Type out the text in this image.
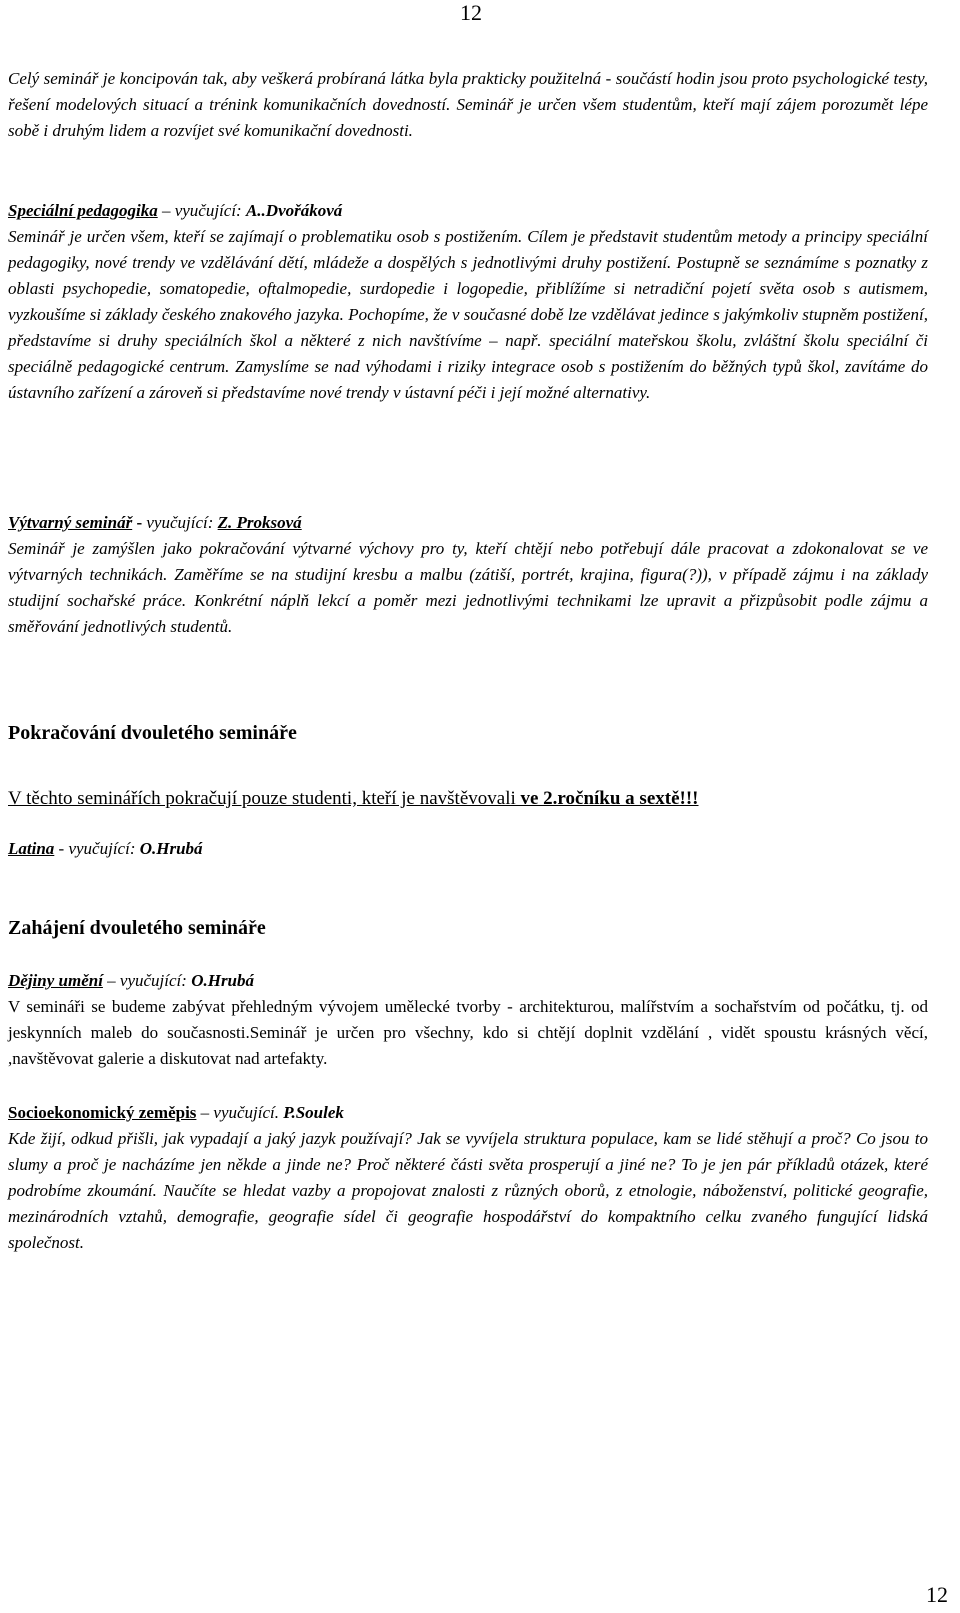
12

Celý seminář je koncipován tak, aby veškerá probíraná látka byla prakticky použitelná - součástí hodin jsou proto psychologické testy, řešení modelových situací a trénink komunikačních dovedností. Seminář je určen všem studentům, kteří mají zájem porozumět lépe sobě i druhým lidem a rozvíjet své komunikační dovednosti.

Speciální pedagogika – vyučující: A..Dvořáková

Seminář je určen všem, kteří se zajímají o problematiku osob s postižením. Cílem je představit studentům metody a principy speciální pedagogiky, nové trendy ve vzdělávání dětí, mládeže a dospělých s jednotlivými druhy postižení. Postupně se seznámíme s poznatky z oblasti psychopedie, somatopedie, oftalmopedie, surdopedie i logopedie, přiblížíme si netradiční pojetí světa osob s autismem, vyzkoušíme si základy českého znakového jazyka. Pochopíme, že v současné době lze vzdělávat jedince s jakýmkoliv stupněm postižení, představíme si druhy speciálních škol a některé z nich navštívíme – např. speciální mateřskou školu, zvláštní školu speciální či speciálně pedagogické centrum. Zamyslíme se nad výhodami i riziky integrace osob s postižením do běžných typů škol, zavítáme do ústavního zařízení a zároveň si představíme nové trendy v ústavní péči i její možné alternativy.

Výtvarný seminář - vyučující: Z. Proksová

Seminář je zamýšlen jako pokračování výtvarné výchovy pro ty, kteří chtějí nebo potřebují dále pracovat a zdokonalovat se ve výtvarných technikách. Zaměříme se na studijní kresbu a malbu (zátiší, portrét, krajina, figura(?)), v případě zájmu i na základy studijní sochařské práce. Konkrétní náplň lekcí a poměr mezi jednotlivými technikami lze upravit a přizpůsobit podle zájmu a směřování jednotlivých studentů.

Pokračování dvouletého semináře
V těchto seminářích pokračují pouze studenti, kteří je navštěvovali ve 2.ročníku a sextě!!!
Latina - vyučující: O.Hrubá
Zahájení dvouletého semináře
Dějiny umění – vyučující: O.Hrubá

V semináři se budeme zabývat přehledným vývojem umělecké tvorby - architekturou, malířstvím a sochařstvím od počátku, tj. od jeskynních maleb do současnosti.Seminář je určen pro všechny, kdo si chtějí doplnit vzdělání , vidět spoustu krásných věcí, ,navštěvovat galerie a diskutovat nad artefakty.

Socioekonomický zeměpis – vyučující. P.Soulek

Kde žijí, odkud přišli, jak vypadají a jaký jazyk používají? Jak se vyvíjela struktura populace, kam se lidé stěhují a proč? Co jsou to slumy a proč je nacházíme jen někde a jinde ne? Proč některé části světa prosperují a jiné ne? To je jen pár příkladů otázek, které podrobíme zkoumání. Naučíte se hledat vazby a propojovat znalosti z různých oborů, z etnologie, náboženství, politické geografie, mezinárodních vztahů, demografie, geografie sídel či geografie hospodářství do kompaktního celku zvaného fungující lidská společnost.

12
